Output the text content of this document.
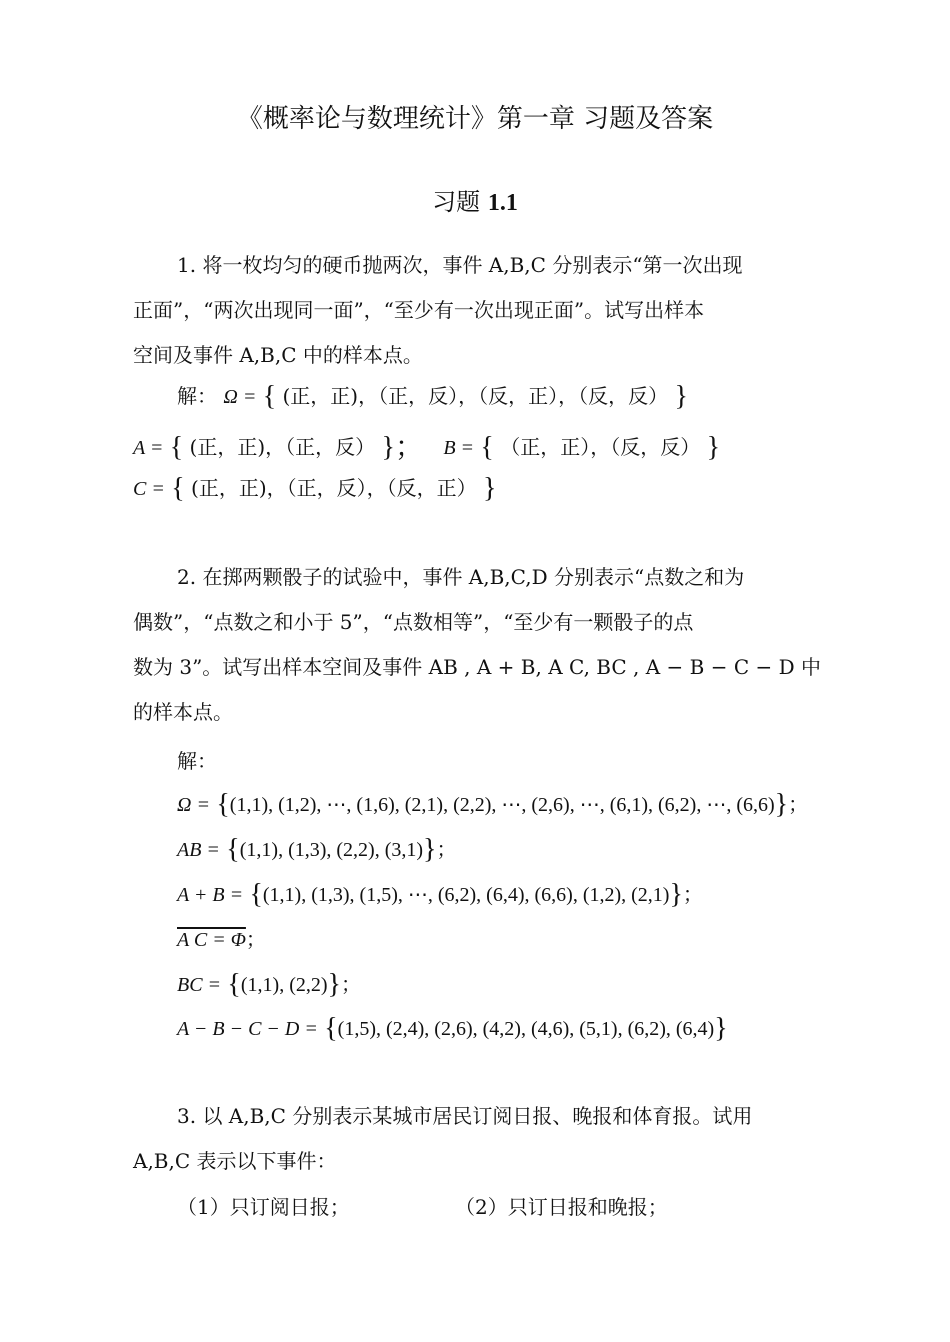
《概率论与数理统计》第一章 习题及答案
习题 1.1
1. 将一枚均匀的硬币抛两次，事件 A,B,C 分别表示“第一次出现
正面”，“两次出现同一面”，“至少有一次出现正面”。试写出样本
空间及事件 A,B,C 中的样本点。
解： Ω = { (正，正)，（正，反），（反，正），（反，反） }
A = { (正，正)，（正，反） }； B = { （正，正），（反，反） }
C = { (正，正)，（正，反），（反，正） }
2. 在掷两颗骰子的试验中，事件 A,B,C,D 分别表示“点数之和为
偶数”，“点数之和小于 5”，“点数相等”，“至少有一颗骰子的点
数为 3”。试写出样本空间及事件 AB , A + B, A C, BC , A − B − C − D 中
的样本点。
解：
Ω = {(1,1), (1,2), ⋯, (1,6), (2,1), (2,2), ⋯, (2,6), ⋯, (6,1), (6,2), ⋯, (6,6)}；
AB = {(1,1), (1,3), (2,2), (3,1)}；
A + B = {(1,1), (1,3), (1,5), ⋯, (6,2), (6,4), (6,6), (1,2), (2,1)}；
A C = Φ；
BC = {(1,1), (2,2)}；
A − B − C − D = {(1,5), (2,4), (2,6), (4,2), (4,6), (5,1), (6,2), (6,4)}
3. 以 A,B,C 分别表示某城市居民订阅日报、晚报和体育报。试用
A,B,C 表示以下事件：
（1）只订阅日报；	（2）只订日报和晚报；
